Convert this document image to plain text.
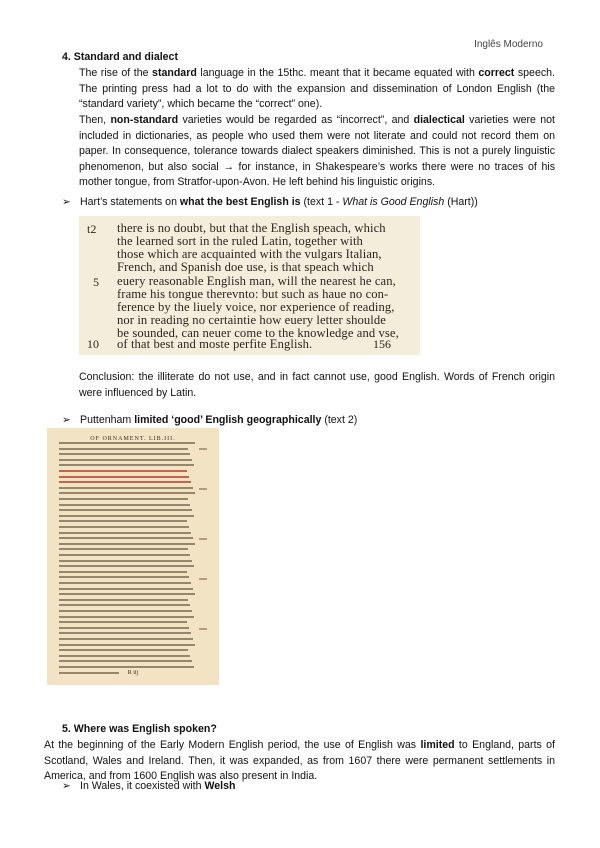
Inglês Moderno
4. Standard and dialect
The rise of the standard language in the 15thc. meant that it became equated with correct speech. The printing press had a lot to do with the expansion and dissemination of London English (the “standard variety”, which became the “correct” one).
Then, non-standard varieties would be regarded as “incorrect”, and dialectical varieties were not included in dictionaries, as people who used them were not literate and could not record them on paper. In consequence, tolerance towards dialect speakers diminished. This is not a purely linguistic phenomenon, but also social → for instance, in Shakespeare’s works there were no traces of his mother tongue, from Stratfor-upon-Avon. He left behind his linguistic origins.
➢ Hart’s statements on what the best English is (text 1 - What is Good English (Hart))
t2
5
10
there is no doubt, but that the English speach, which
the learned sort in the ruled Latin, together with
those which are acquainted with the vulgars Italian,
French, and Spanish doe use, is that speach which
euery reasonable English man, will the nearest he can,
frame his tongue therevnto: but such as haue no con-
ference by the liuely voice, nor experience of reading,
nor in reading no certaintie how euery letter shoulde
be sounded, can neuer come to the knowledge and vse,
of that best and moste perfite English.	156
Conclusion: the illiterate do not use, and in fact cannot use, good English. Words of French origin were influenced by Latin.
➢ Puttenham limited ‘good’ English geographically (text 2)
OF ORNAMENT. LIB.III.
R iij
5. Where was English spoken?
At the beginning of the Early Modern English period, the use of English was limited to England, parts of Scotland, Wales and Ireland. Then, it was expanded, as from 1607 there were permanent settlements in America, and from 1600 English was also present in India.
➢ In Wales, it coexisted with Welsh
